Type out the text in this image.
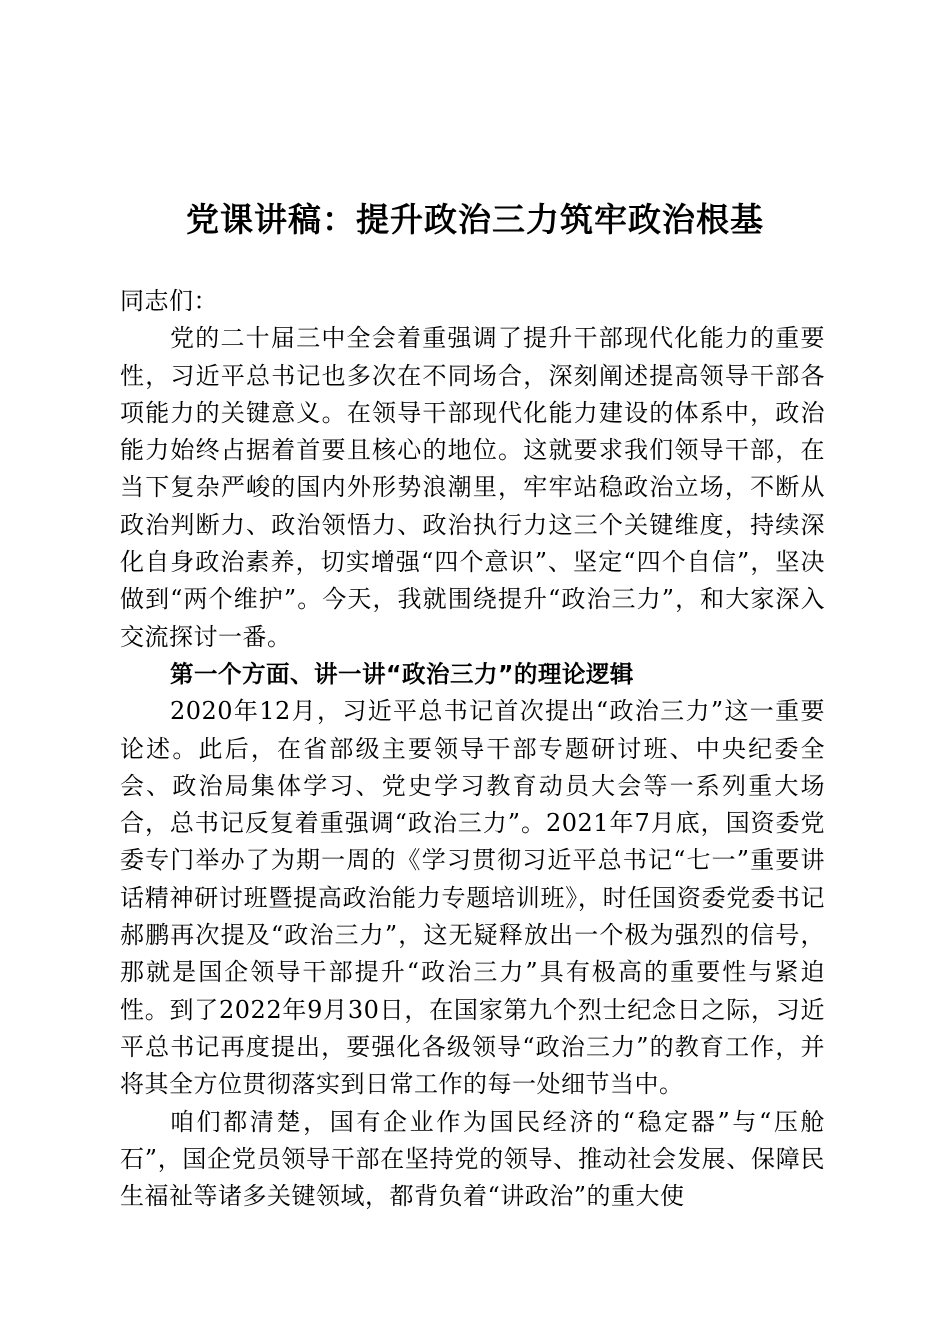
党课讲稿：提升政治三力筑牢政治根基

同志们：

党的二十届三中全会着重强调了提升干部现代化能力的重要性，习近平总书记也多次在不同场合，深刻阐述提高领导干部各项能力的关键意义。在领导干部现代化能力建设的体系中，政治能力始终占据着首要且核心的地位。这就要求我们领导干部，在当下复杂严峻的国内外形势浪潮里，牢牢站稳政治立场，不断从政治判断力、政治领悟力、政治执行力这三个关键维度，持续深化自身政治素养，切实增强“四个意识”、坚定“四个自信”，坚决做到“两个维护”。今天，我就围绕提升“政治三力”，和大家深入交流探讨一番。

第一个方面、讲一讲“政治三力”的理论逻辑

2020年12月，习近平总书记首次提出“政治三力”这一重要论述。此后，在省部级主要领导干部专题研讨班、中央纪委全会、政治局集体学习、党史学习教育动员大会等一系列重大场合，总书记反复着重强调“政治三力”。2021年7月底，国资委党委专门举办了为期一周的《学习贯彻习近平总书记“七一”重要讲话精神研讨班暨提高政治能力专题培训班》，时任国资委党委书记郝鹏再次提及“政治三力”，这无疑释放出一个极为强烈的信号，那就是国企领导干部提升“政治三力”具有极高的重要性与紧迫性。到了2022年9月30日，在国家第九个烈士纪念日之际，习近平总书记再度提出，要强化各级领导“政治三力”的教育工作，并将其全方位贯彻落实到日常工作的每一处细节当中。

咱们都清楚，国有企业作为国民经济的“稳定器”与“压舱石”，国企党员领导干部在坚持党的领导、推动社会发展、保障民生福祉等诸多关键领域，都背负着“讲政治”的重大使
